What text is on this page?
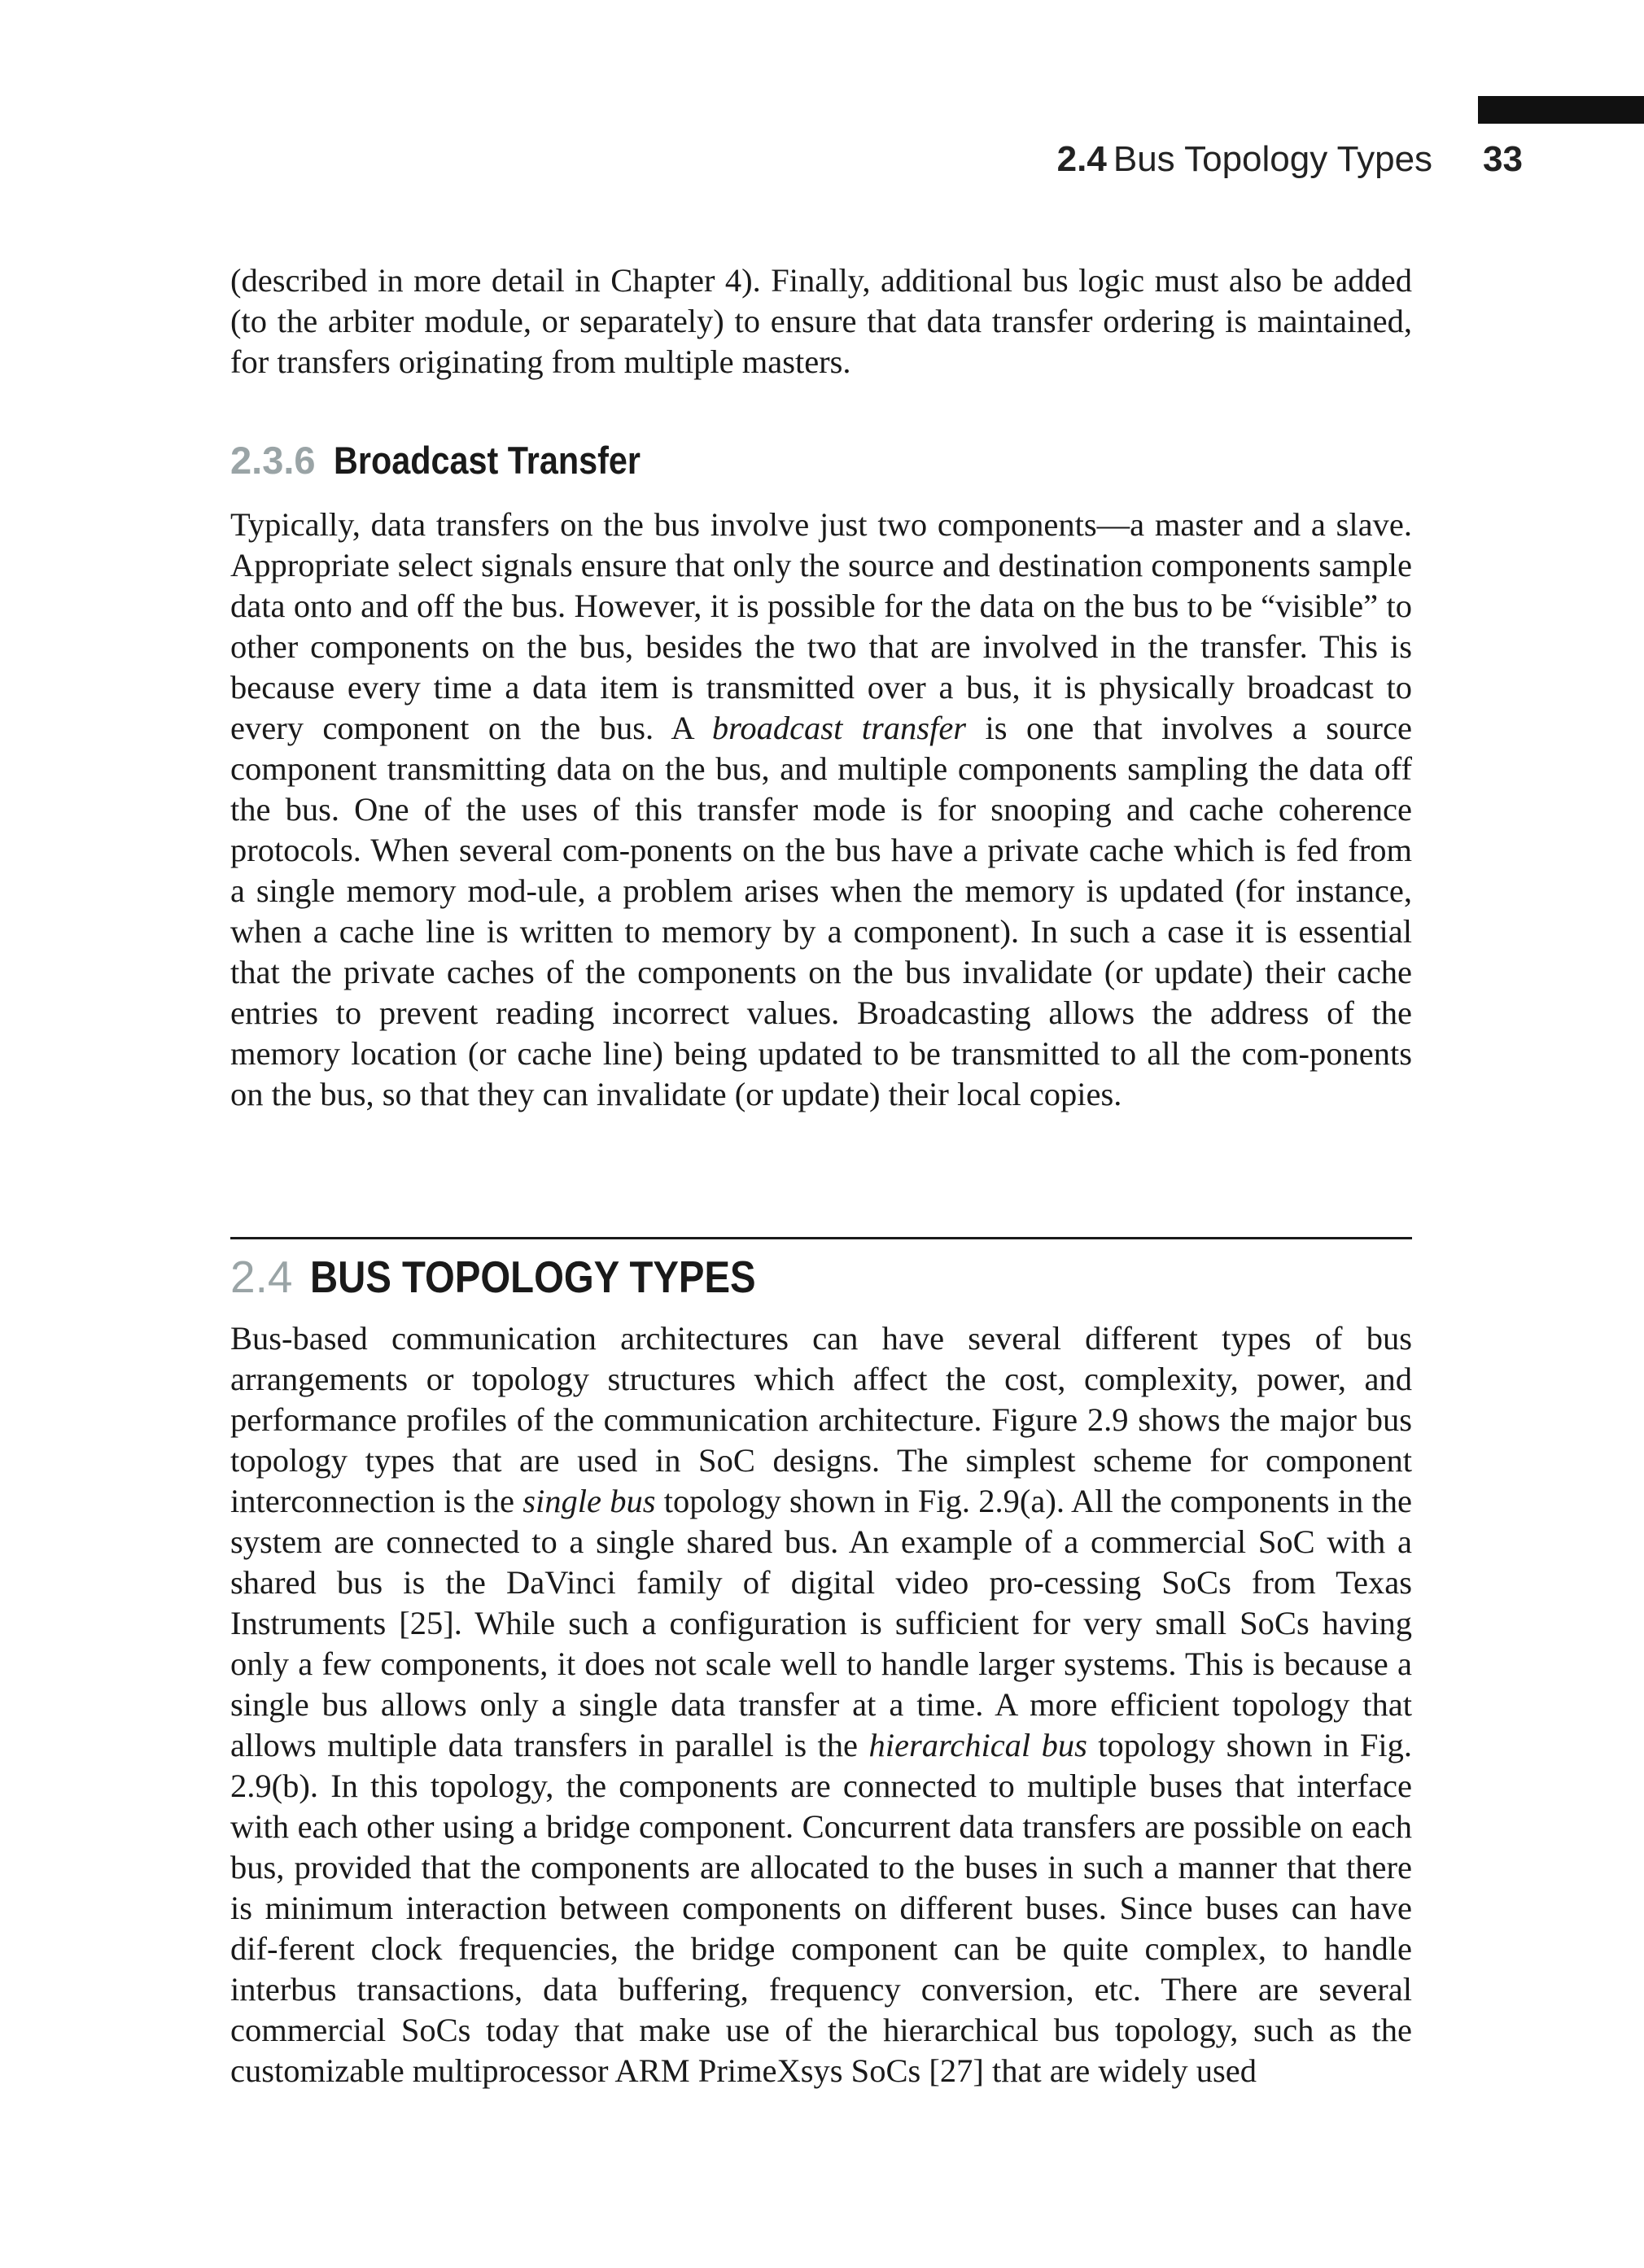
2.4 Bus Topology Types 33

(described in more detail in Chapter 4). Finally, additional bus logic must also be added (to the arbiter module, or separately) to ensure that data transfer ordering is maintained, for transfers originating from multiple masters.

2.3.6 Broadcast Transfer

Typically, data transfers on the bus involve just two components—a master and a slave. Appropriate select signals ensure that only the source and destination components sample data onto and off the bus. However, it is possible for the data on the bus to be “visible” to other components on the bus, besides the two that are involved in the transfer. This is because every time a data item is transmitted over a bus, it is physically broadcast to every component on the bus. A broadcast transfer is one that involves a source component transmitting data on the bus, and multiple components sampling the data off the bus. One of the uses of this transfer mode is for snooping and cache coherence protocols. When several com-ponents on the bus have a private cache which is fed from a single memory mod-ule, a problem arises when the memory is updated (for instance, when a cache line is written to memory by a component). In such a case it is essential that the private caches of the components on the bus invalidate (or update) their cache entries to prevent reading incorrect values. Broadcasting allows the address of the memory location (or cache line) being updated to be transmitted to all the com-ponents on the bus, so that they can invalidate (or update) their local copies.

2.4 BUS TOPOLOGY TYPES

Bus-based communication architectures can have several different types of bus arrangements or topology structures which affect the cost, complexity, power, and performance profiles of the communication architecture. Figure 2.9 shows the major bus topology types that are used in SoC designs. The simplest scheme for component interconnection is the single bus topology shown in Fig. 2.9(a). All the components in the system are connected to a single shared bus. An example of a commercial SoC with a shared bus is the DaVinci family of digital video pro-cessing SoCs from Texas Instruments [25]. While such a configuration is sufficient for very small SoCs having only a few components, it does not scale well to handle larger systems. This is because a single bus allows only a single data transfer at a time. A more efficient topology that allows multiple data transfers in parallel is the hierarchical bus topology shown in Fig. 2.9(b). In this topology, the components are connected to multiple buses that interface with each other using a bridge component. Concurrent data transfers are possible on each bus, provided that the components are allocated to the buses in such a manner that there is minimum interaction between components on different buses. Since buses can have dif-ferent clock frequencies, the bridge component can be quite complex, to handle interbus transactions, data buffering, frequency conversion, etc. There are several commercial SoCs today that make use of the hierarchical bus topology, such as the customizable multiprocessor ARM PrimeXsys SoCs [27] that are widely used
